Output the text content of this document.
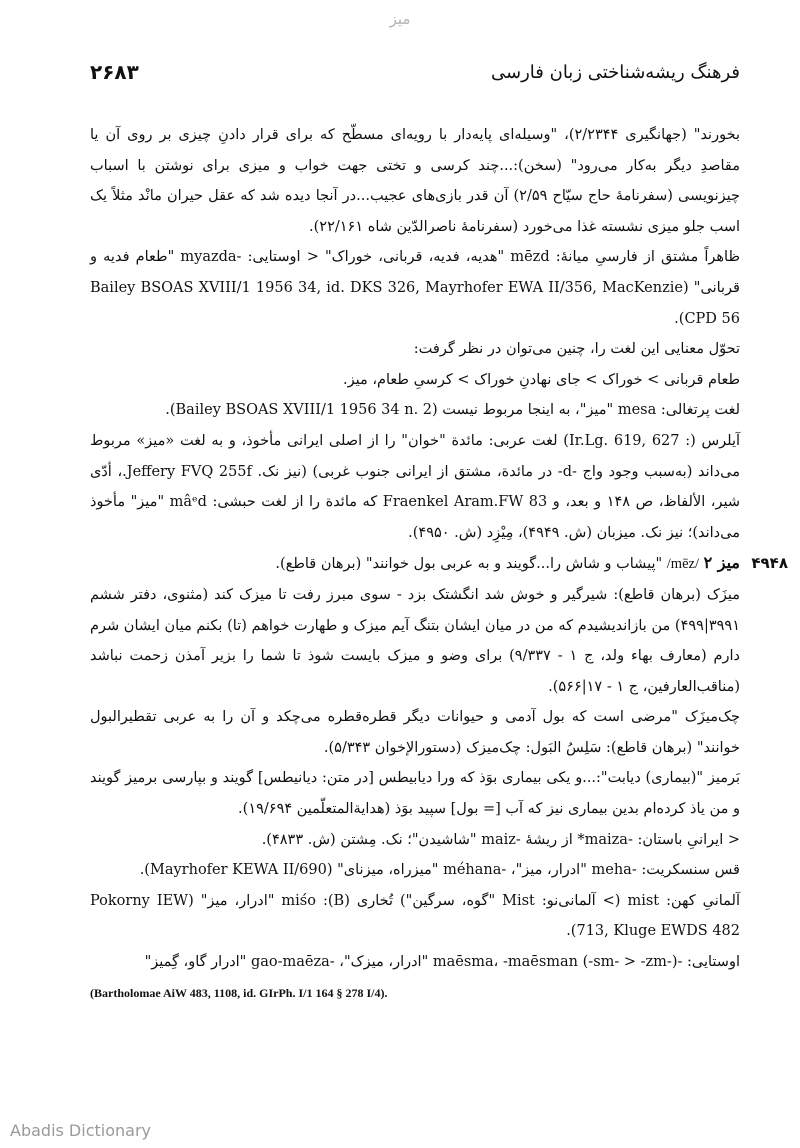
میز
فرهنگ ریشه‌شناختی زبان فارسی
۲۶۸۳

بخورند" (جهانگیری ۲/۲۳۴۴)، "وسیله‌ای پایه‌دار با رویه‌ای مسطّح که برای قرار دادنِ چیزی بر روی آن یا مقاصدِ دیگر به‌کار می‌رود" (سخن):...چند کرسی و تختی جهت خواب و میزی برای نوشتن با اسباب چیزنویسی (سفرنامهٔ حاج سیّاح ۲/۵۹) آن قدر بازی‌های عجیب...در آنجا دیده شد که عقل حیران مانْد مثلاً یک اسب جلو میزی نشسته غذا می‌خورد (سفرنامهٔ ناصرالدّین شاه ۲۲/۱۶۱).

ظاهراً مشتق از فارسیِ میانهٔ: mēzd "هدیه، فدیه، قربانی، خوراک" < اوستایی: -myazda "طعام فدیه و قربانی" (Bailey BSOAS XVIII/1 1956 34, id. DKS 326, Mayrhofer EWA II/356, MacKenzie CPD 56).

تحوّل معنایی این لغت را، چنین می‌توان در نظر گرفت:

طعام قربانی > خوراک > جای نهادنِ خوراک > کرسیِ طعام، میز.

لغت پرتغالی: mesa "میز"، به اینجا مربوط نیست (Bailey BSOAS XVIII/1 1956 34 n. 2).

آیلرس (: Ir.Lg. 619, 627) لغت عربی: مائدة "خوان" را از اصلی ایرانی مأخوذ، و به لغت «میز» مربوط می‌داند (به‌سبب وجود واج -d- در مائدة، مشتق از ایرانی جنوب غربی) (نیز نک. Jeffery FVQ 255f.، أدّی شیر، الألفاظ، ص ۱۴۸ و بعد، و Fraenkel Aram.FW 83 که مائدة را از لغت حبشی: mâᵉd "میز" مأخوذ می‌داند)؛ نیز نک. میزبان (ش. ۴۹۴۹)، مِیْزِد (ش. ۴۹۵۰).

۴۹۴۸
میز ۲ /mēz/ "پیشاب و شاش را...گویند و به عربی بول خوانند" (برهان قاطع).

میزَک (برهان قاطع): شیرگیر و خوش شد انگشتک بزد - سوی مبرز رفت تا میزک کند (مثنوی، دفتر ششم ۳۹۹۱|۴۹۹) من بازاندیشیدم که من در میان ایشان بتنگ آیم میزک و طهارت خواهم (تا) بکنم میان ایشان شرم دارم (معارف بهاء ولد، ج ۱ - ۹/۳۳۷) برای وضو و میزک بایست شوذ تا شما را بزیر آمذن زحمت نباشد (مناقب‌العارفین، ج ۱ - ۱۷|۵۶۶).

چک‌میزَک "مرضی است که بول آدمی و حیوانات دیگر قطره‌قطره می‌چکد و آن را به عربی تقطیرالبول خوانند" (برهان قاطع): سَلِسُ البَول: چک‌میزک (دستورالإخوان ۵/۳۴۳).

بَرمیز "(بیماری) دیابت":...و یکی بیماری بوَذ که ورا دیابیطس [در متن: دیانیطس] گویند و بپارسی برمیز گویند و من یاذ کرده‌ام بدین بیماری نیز که آب [= بول] سپید بوَذ (هدایة‌المتعلّمین ۱۹/۶۹۴).

< ایرانیِ باستان: -maiza* از ریشهٔ -maiz "شاشیدن"؛ نک. مِشتن (ش. ۴۸۳۳).

قس سنسکریت: -meha "ادرار، میز"، -méhana "میزراه، میزنای" (Mayrhofer KEWA II/690).

آلمانیِ کهن: mist (> آلمانی‌نو: Mist "گوه، سرگین") تُخاری (B): miśo "ادرار، میز" (Pokorny IEW 713, Kluge EWDS 482).

اوستایی: -maēsma، -maēsman (-sm- > -zm-) "ادرار، میزک"، -gao-maēza "ادرار گاو، گِمیز"

(Bartholomae AiW 483, 1108, id. GIrPh. I/1 164 § 278 I/4).

Abadis Dictionary
